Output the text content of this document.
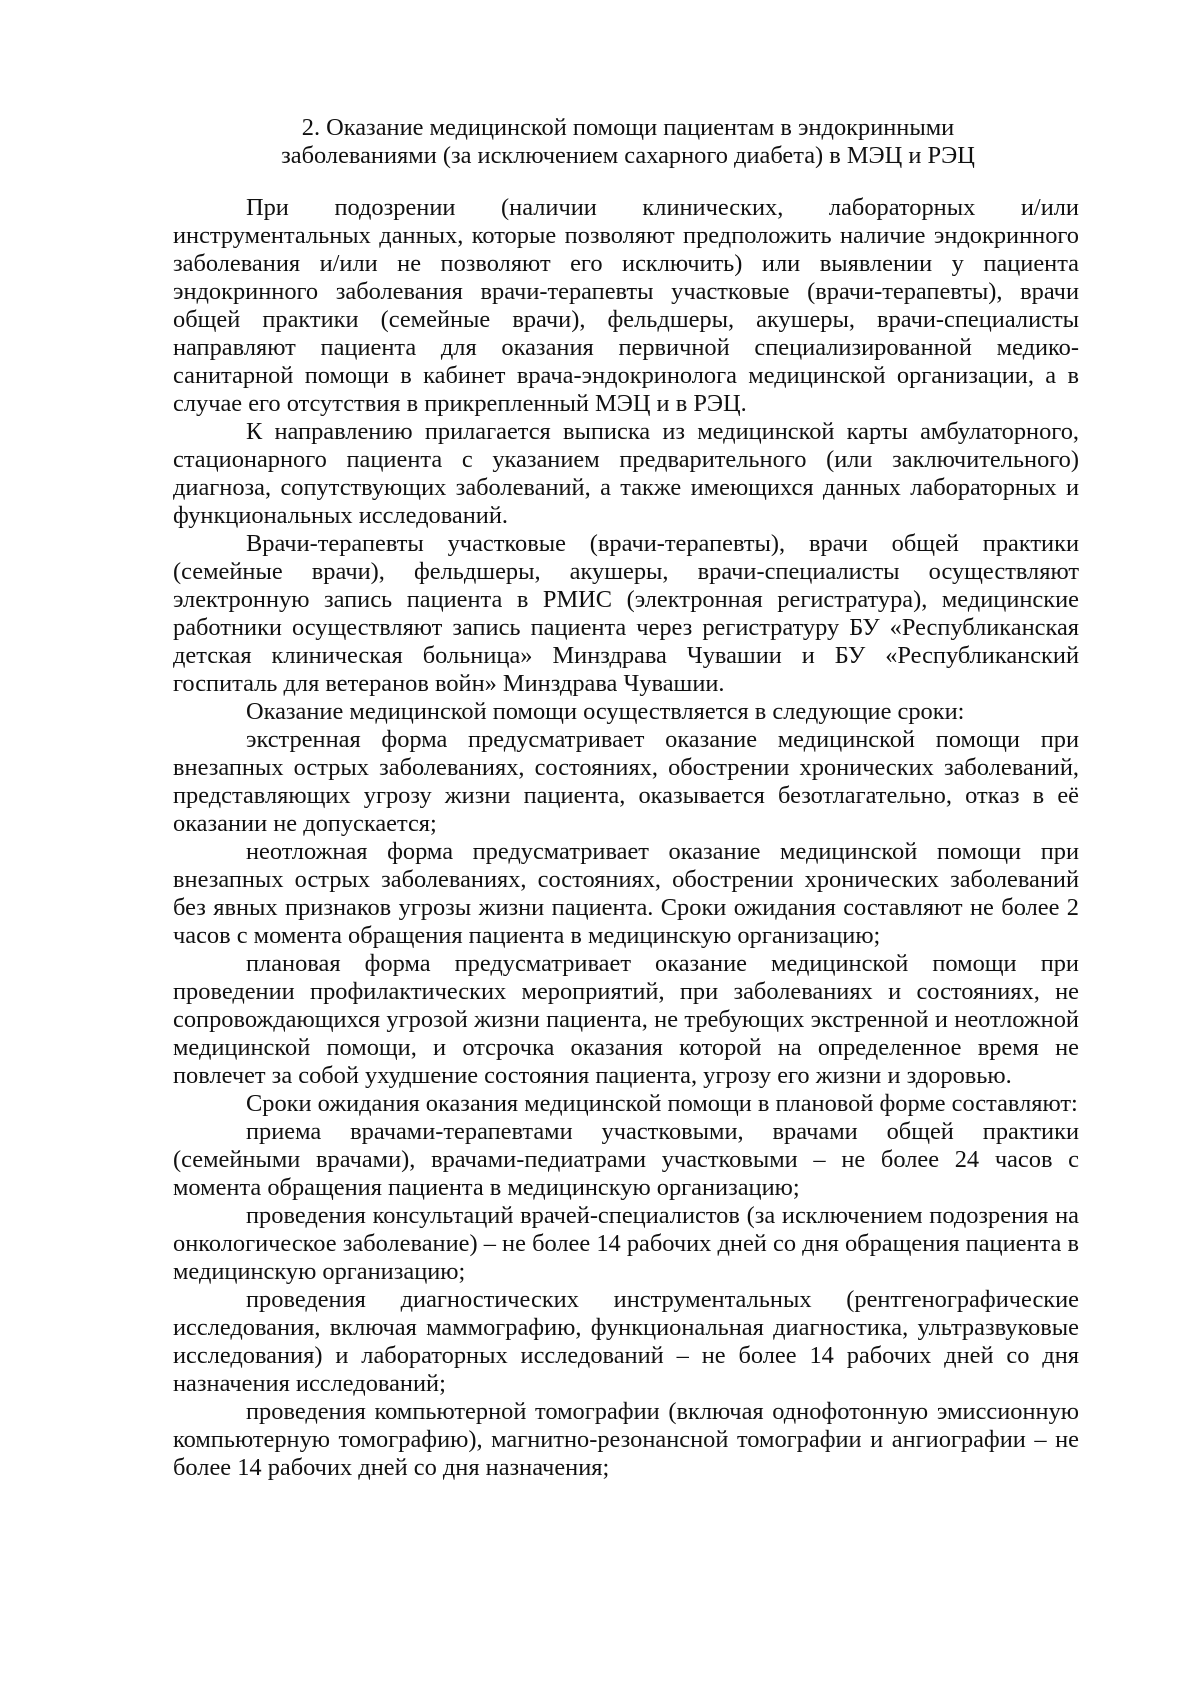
2. Оказание медицинской помощи пациентам в эндокринными
заболеваниями (за исключением сахарного диабета) в МЭЦ и РЭЦ

При подозрении (наличии клинических, лабораторных и/или инструментальных данных, которые позволяют предположить наличие эндокринного заболевания и/или не позволяют его исключить) или выявлении у пациента эндокринного заболевания врачи-терапевты участковые (врачи-терапевты), врачи общей практики (семейные врачи), фельдшеры, акушеры, врачи-специалисты направляют пациента для оказания первичной специализированной медико-санитарной помощи в кабинет врача-эндокринолога медицинской организации, а в случае его отсутствия в прикрепленный МЭЦ и в РЭЦ.

К направлению прилагается выписка из медицинской карты амбулаторного, стационарного пациента с указанием предварительного (или заключительного) диагноза, сопутствующих заболеваний, а также имеющихся данных лабораторных и функциональных исследований.

Врачи-терапевты участковые (врачи-терапевты), врачи общей практики (семейные врачи), фельдшеры, акушеры, врачи-специалисты осуществляют электронную запись пациента в РМИС (электронная регистратура), медицинские работники осуществляют запись пациента через регистратуру БУ «Республиканская детская клиническая больница» Минздрава Чувашии и БУ «Республиканский госпиталь для ветеранов войн» Минздрава Чувашии.

Оказание медицинской помощи осуществляется в следующие сроки:

экстренная форма предусматривает оказание медицинской помощи при внезапных острых заболеваниях, состояниях, обострении хронических заболеваний, представляющих угрозу жизни пациента, оказывается безотлагательно, отказ в её оказании не допускается;

неотложная форма предусматривает оказание медицинской помощи при внезапных острых заболеваниях, состояниях, обострении хронических заболеваний без явных признаков угрозы жизни пациента. Сроки ожидания составляют не более 2 часов с момента обращения пациента в медицинскую организацию;

плановая форма предусматривает оказание медицинской помощи при проведении профилактических мероприятий, при заболеваниях и состояниях, не сопровождающихся угрозой жизни пациента, не требующих экстренной и неотложной медицинской помощи, и отсрочка оказания которой на определенное время не повлечет за собой ухудшение состояния пациента, угрозу его жизни и здоровью.

Сроки ожидания оказания медицинской помощи в плановой форме составляют:

приема врачами-терапевтами участковыми, врачами общей практики (семейными врачами), врачами-педиатрами участковыми – не более 24 часов с момента обращения пациента в медицинскую организацию;

проведения консультаций врачей-специалистов (за исключением подозрения на онкологическое заболевание) – не более 14 рабочих дней со дня обращения пациента в медицинскую организацию;

проведения диагностических инструментальных (рентгенографические исследования, включая маммографию, функциональная диагностика, ультразвуковые исследования) и лабораторных исследований – не более 14 рабочих дней со дня назначения исследований;

проведения компьютерной томографии (включая однофотонную эмиссионную компьютерную томографию), магнитно-резонансной томографии и ангиографии – не более 14 рабочих дней со дня назначения;
